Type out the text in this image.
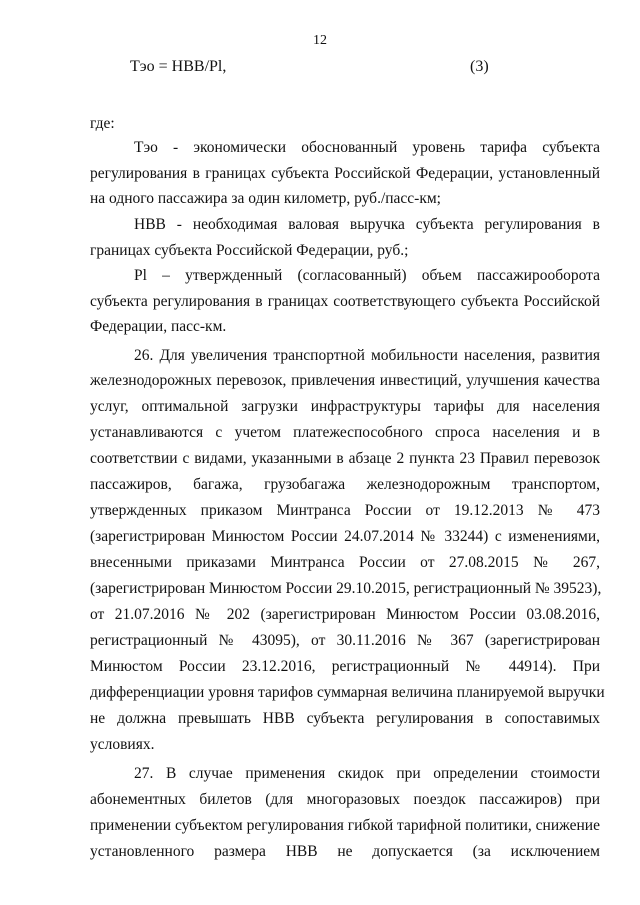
12
Тэо = НВВ/Pl,	(3)
где:
Тэо - экономически обоснованный уровень тарифа субъекта
регулирования в границах субъекта Российской Федерации, установленный
на одного пассажира за один километр, руб./пасс-км;
НВВ - необходимая валовая выручка субъекта регулирования в
границах субъекта Российской Федерации, руб.;
Pl – утвержденный (согласованный) объем пассажирооборота
субъекта регулирования в границах соответствующего субъекта Российской
Федерации, пасс-км.
26. Для увеличения транспортной мобильности населения, развития
железнодорожных перевозок, привлечения инвестиций, улучшения качества
услуг, оптимальной загрузки инфраструктуры тарифы для населения
устанавливаются с учетом платежеспособного спроса населения и в
соответствии с видами, указанными в абзаце 2 пункта 23 Правил перевозок
пассажиров, багажа, грузобагажа железнодорожным транспортом,
утвержденных приказом Минтранса России от 19.12.2013 № 473
(зарегистрирован Минюстом России 24.07.2014 № 33244) с изменениями,
внесенными приказами Минтранса России от 27.08.2015 № 267,
(зарегистрирован Минюстом России 29.10.2015, регистрационный № 39523),
от 21.07.2016 № 202 (зарегистрирован Минюстом России 03.08.2016,
регистрационный № 43095), от 30.11.2016 № 367 (зарегистрирован
Минюстом России 23.12.2016, регистрационный № 44914). При
дифференциации уровня тарифов суммарная величина планируемой выручки
не должна превышать НВВ субъекта регулирования в сопоставимых
условиях.
27. В случае применения скидок при определении стоимости
абонементных билетов (для многоразовых поездок пассажиров) при
применении субъектом регулирования гибкой тарифной политики, снижение
установленного размера НВВ не допускается (за исключением
